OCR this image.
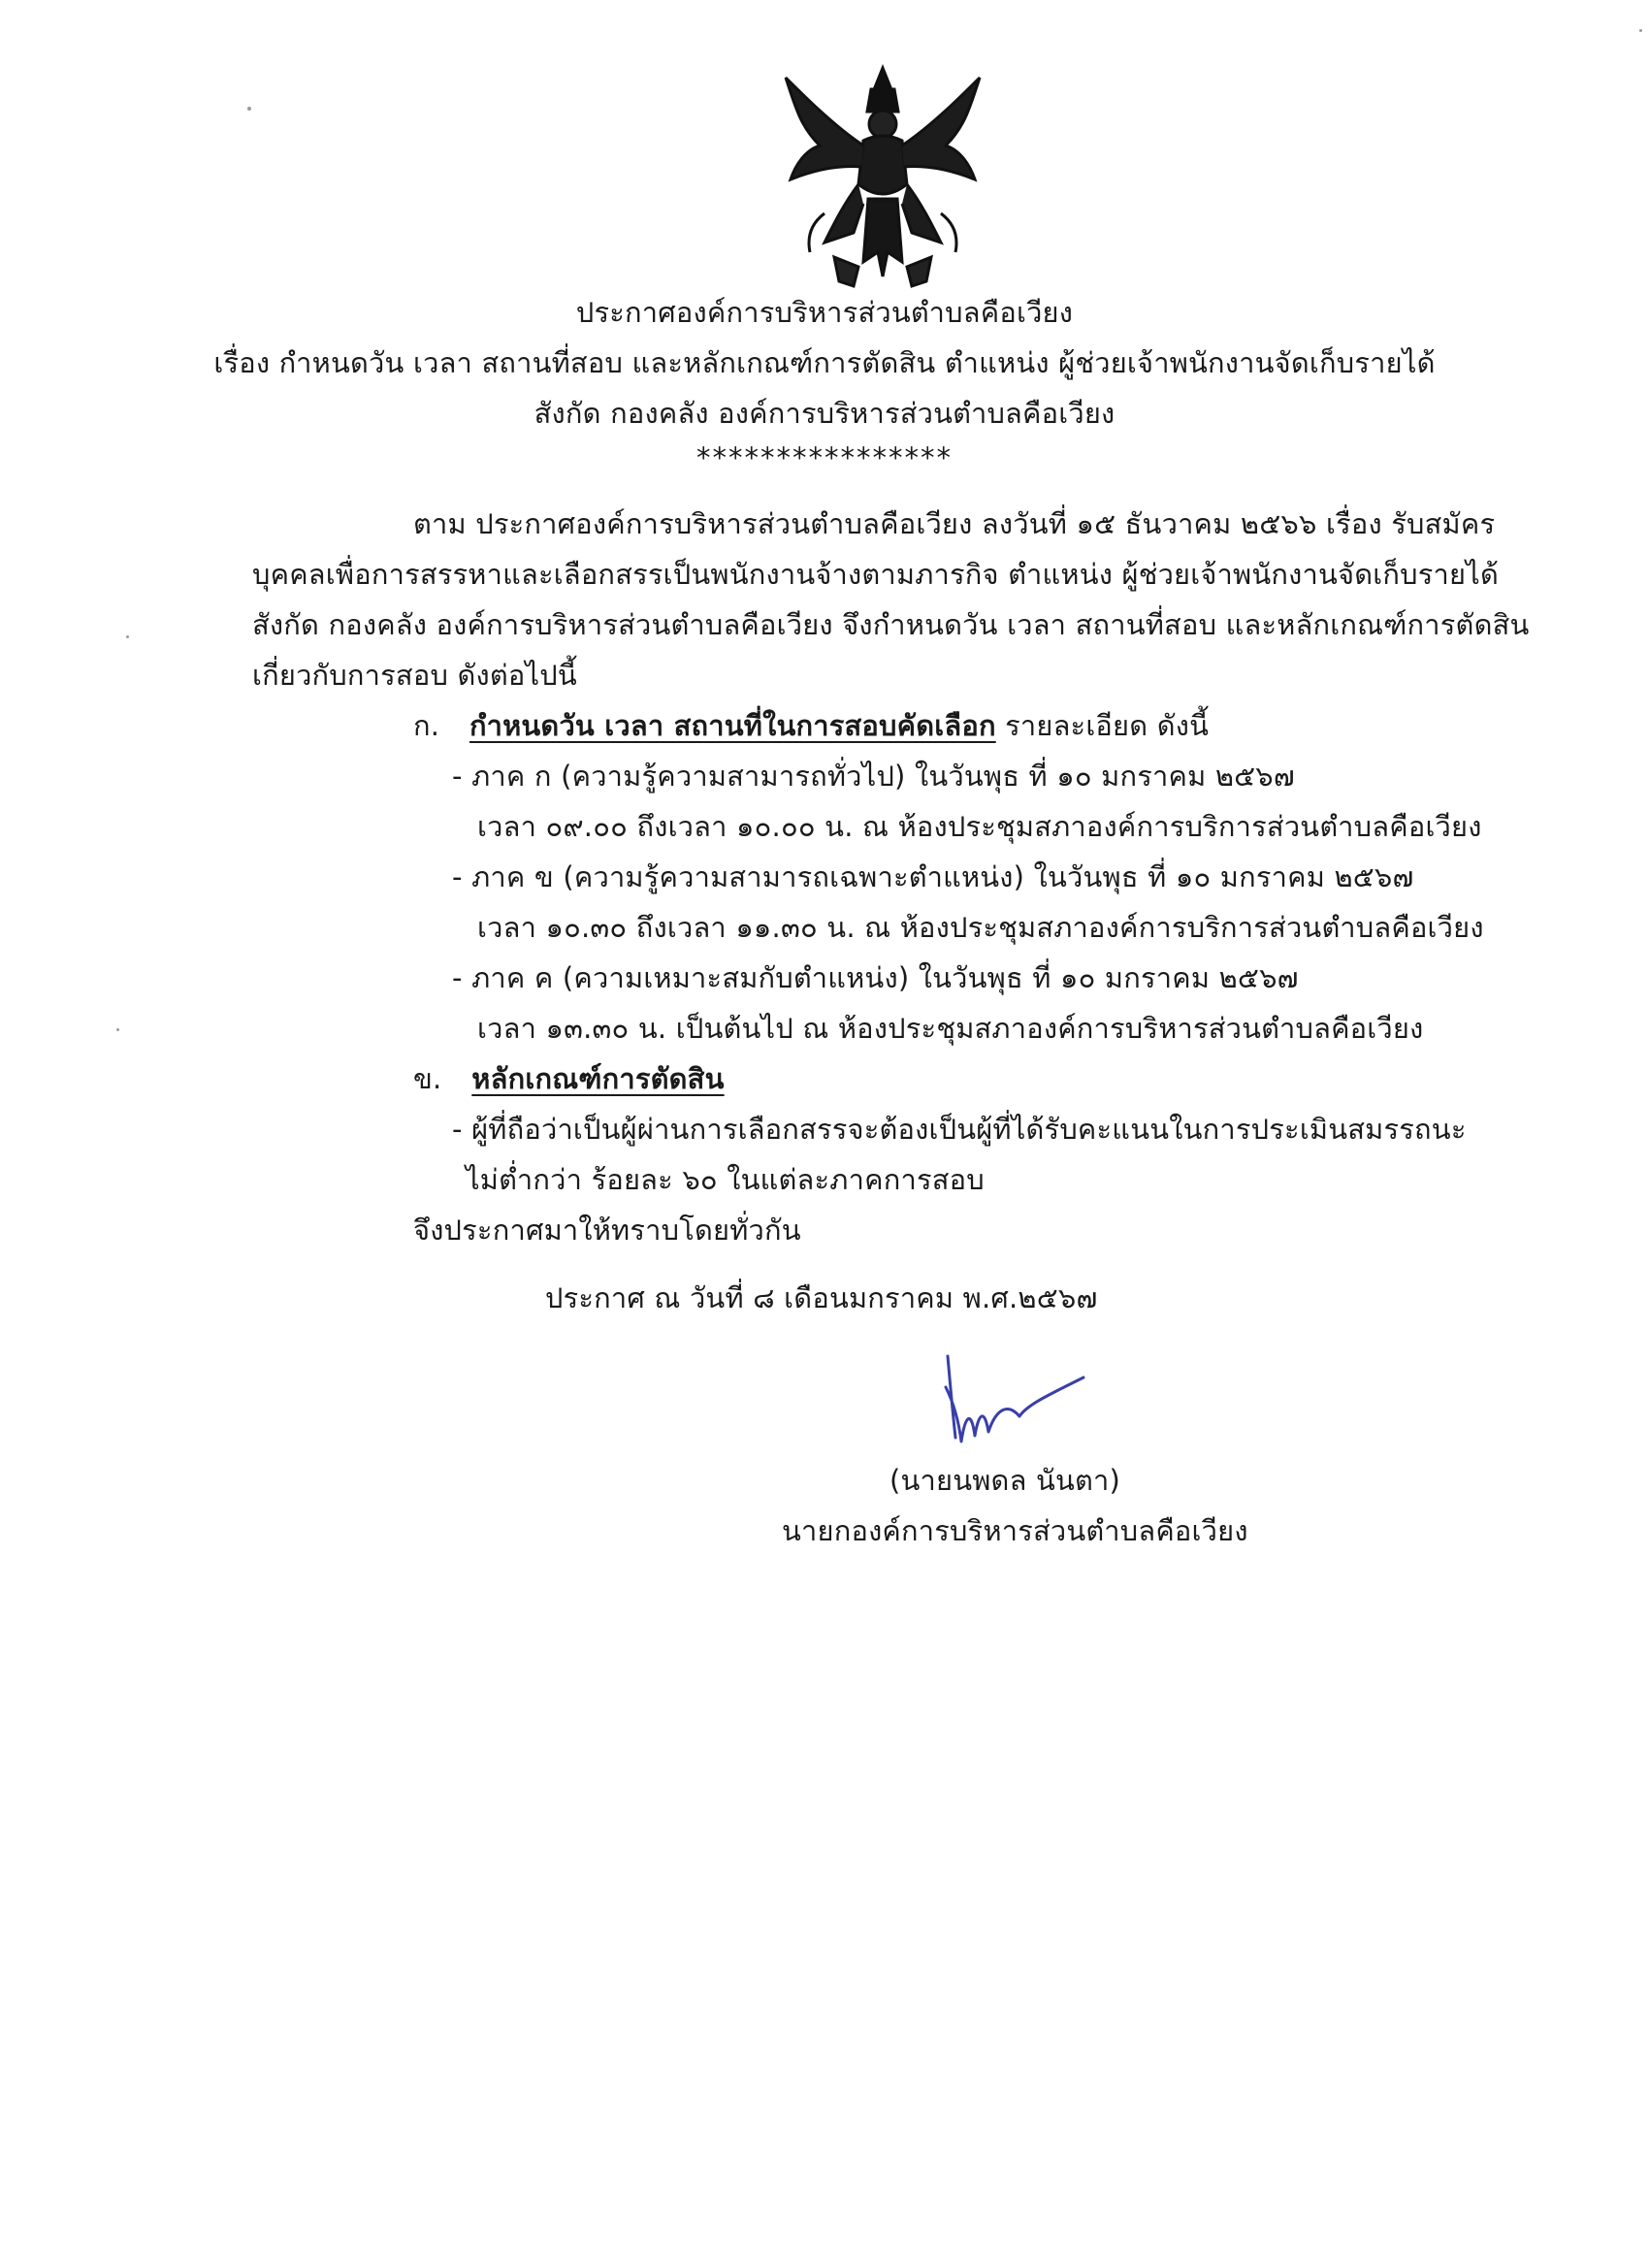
ประกาศองค์การบริหารส่วนตำบลคือเวียง
เรื่อง กำหนดวัน เวลา สถานที่สอบ และหลักเกณฑ์การตัดสิน ตำแหน่ง ผู้ช่วยเจ้าพนักงานจัดเก็บรายได้
สังกัด กองคลัง องค์การบริหารส่วนตำบลคือเวียง
****************
ตาม ประกาศองค์การบริหารส่วนตำบลคือเวียง ลงวันที่ ๑๕ ธันวาคม ๒๕๖๖ เรื่อง รับสมัคร
บุคคลเพื่อการสรรหาและเลือกสรรเป็นพนักงานจ้างตามภารกิจ ตำแหน่ง ผู้ช่วยเจ้าพนักงานจัดเก็บรายได้
สังกัด กองคลัง องค์การบริหารส่วนตำบลคือเวียง จึงกำหนดวัน เวลา สถานที่สอบ และหลักเกณฑ์การตัดสิน
เกี่ยวกับการสอบ ดังต่อไปนี้
ก. กำหนดวัน เวลา สถานที่ในการสอบคัดเลือก รายละเอียด ดังนี้
- ภาค ก (ความรู้ความสามารถทั่วไป) ในวันพุธ ที่ ๑๐ มกราคม ๒๕๖๗
เวลา ๐๙.๐๐ ถึงเวลา ๑๐.๐๐ น. ณ ห้องประชุมสภาองค์การบริการส่วนตำบลคือเวียง
- ภาค ข (ความรู้ความสามารถเฉพาะตำแหน่ง) ในวันพุธ ที่ ๑๐ มกราคม ๒๕๖๗
เวลา ๑๐.๓๐ ถึงเวลา ๑๑.๓๐ น. ณ ห้องประชุมสภาองค์การบริการส่วนตำบลคือเวียง
- ภาค ค (ความเหมาะสมกับตำแหน่ง) ในวันพุธ ที่ ๑๐ มกราคม ๒๕๖๗
เวลา ๑๓.๓๐ น. เป็นต้นไป ณ ห้องประชุมสภาองค์การบริหารส่วนตำบลคือเวียง
ข. หลักเกณฑ์การตัดสิน
- ผู้ที่ถือว่าเป็นผู้ผ่านการเลือกสรรจะต้องเป็นผู้ที่ได้รับคะแนนในการประเมินสมรรถนะ
ไม่ต่ำกว่า ร้อยละ ๖๐ ในแต่ละภาคการสอบ
จึงประกาศมาให้ทราบโดยทั่วกัน
ประกาศ ณ วันที่ ๘ เดือนมกราคม พ.ศ.๒๕๖๗
(นายนพดล นันตา)
นายกองค์การบริหารส่วนตำบลคือเวียง
